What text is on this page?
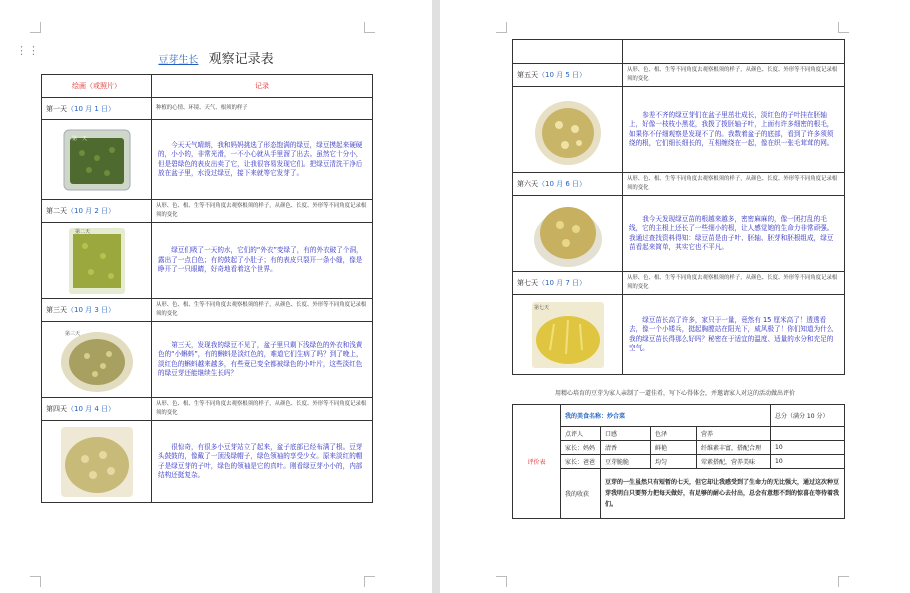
⋮⋮
豆芽生长 观察记录表
绘画（或照片）	记录
第一天（10 月 1 日）	种植的心情、环境、天气、根须的样子

第一天	今天天气晴朗，我和妈妈挑选了形态饱满的绿豆，绿豆摸起来硬硬的，小小的，非常光滑，一不小心就从手里溜了出去。虽然它十分小，但是碧绿色的表皮出卖了它，让我很容易发现它们。把绿豆清洗干净后放在盆子里，水没过绿豆，接下来就等它发芽了。
第二天（10 月 2 日）	从形、色、根、生等不同角度去观察根须的样子，从颜色、长度、外形等不同角度记录根须的变化

第二天	绿豆们吸了一天的水，它们的“外衣”变绿了，有的外衣破了个洞，露出了一点白色；有的鼓起了小肚子；有的表皮只裂开一条小缝，像是睁开了一只眼睛，好奇地看着这个世界。
第三天（10 月 3 日）	从形、色、根、生等不同角度去观察根须的样子，从颜色、长度、外形等不同角度记录根须的变化

第三天	第三天，发现我的绿豆不见了，盆子里只剩下浅绿色的外衣和浅黄色的“小蝌蚪”，有的蝌蚪是淡红色的，难道它们生病了吗？到了晚上，淡红色的蝌蚪越来越多，有些竟已变全都被绿色的小叶片，这些淡红色的绿豆芽还能继续生长吗？
第四天（10 月 4 日）	从形、色、根、生等不同角度去观察根须的样子，从颜色、长度、外形等不同角度记录根须的变化

	很惊奇，有很多小豆芽站立了起来，盆子底部已经布满了根。豆芽头鼓鼓的，像戴了一顶浅绿帽子，绿色领袖的享受少女。原来淡红的帽子是绿豆芽的子叶，绿色的领袖是它的真叶。刚看绿豆芽小小的，内部结构还挺复杂。

第五天（10 月 5 日）	从形、色、根、生等不同角度去观察根须的样子，从颜色、长度、外形等不同角度记录根须的变化

	参差不齐的绿豆芽们在盆子里茁壮成长，淡红色的子叶挂在胚轴上，好像一枝枝小黑花，我拨了拨胚轴子叶，上面有许多细密的根毛，如果你不仔细观察是发现不了的。我数着盆子的底部，看到了许多须须绕的根，它们细长细长的，互相缠绕在一起，像在织一张毛茸茸的网。
第六天（10 月 6 日）	从形、色、根、生等不同角度去观察根须的样子，从颜色、长度、外形等不同角度记录根须的变化

	我今天发现绿豆苗的根越来越多，密密麻麻的，像一团打乱的毛线，它的主根上还长了一些细小的根，让人感觉她的生命力非常顽强。我通过查找资料得知：绿豆苗是由子叶、胚轴、胚芽和胚根组成，绿豆苗看起来简单，其实它也不平凡。
第七天（10 月 7 日）	从形、色、根、生等不同角度去观察根须的样子，从颜色、长度、外形等不同角度记录根须的变化

第七天	绿豆苗长高了许多，家只于一量，竟然有 15 厘米高了！透透看去，像一个小矮兵，挺起胸膛站在阳光下，威风极了！你们知道为什么我的绿豆苗长得那么好吗？秘密在于适宜的温度、适量的水分和充足的空气。
用精心培育的豆芽为家人亲制了一道佳肴，写下心得体会，并邀请家人对这的活动做出评价
评价表	我的美食名称：炒合菜				总分（满分 10 分）
	点评人	口感	色泽	营养	
	家长：妈妈	清香	鲜艳	纤维素丰富，搭配合理	10
	家长：爸爸	豆芽脆脆	均匀	荤素搭配，营养美味	10
	我的收获	豆芽的一生虽然只有短暂的七天，但它却让我感受到了生命力的无比强大，通过这次种豆芽我明白只要努力把每天做好，有足够的耐心去付出，总会有意想不到的惊喜在等待着我们。			
